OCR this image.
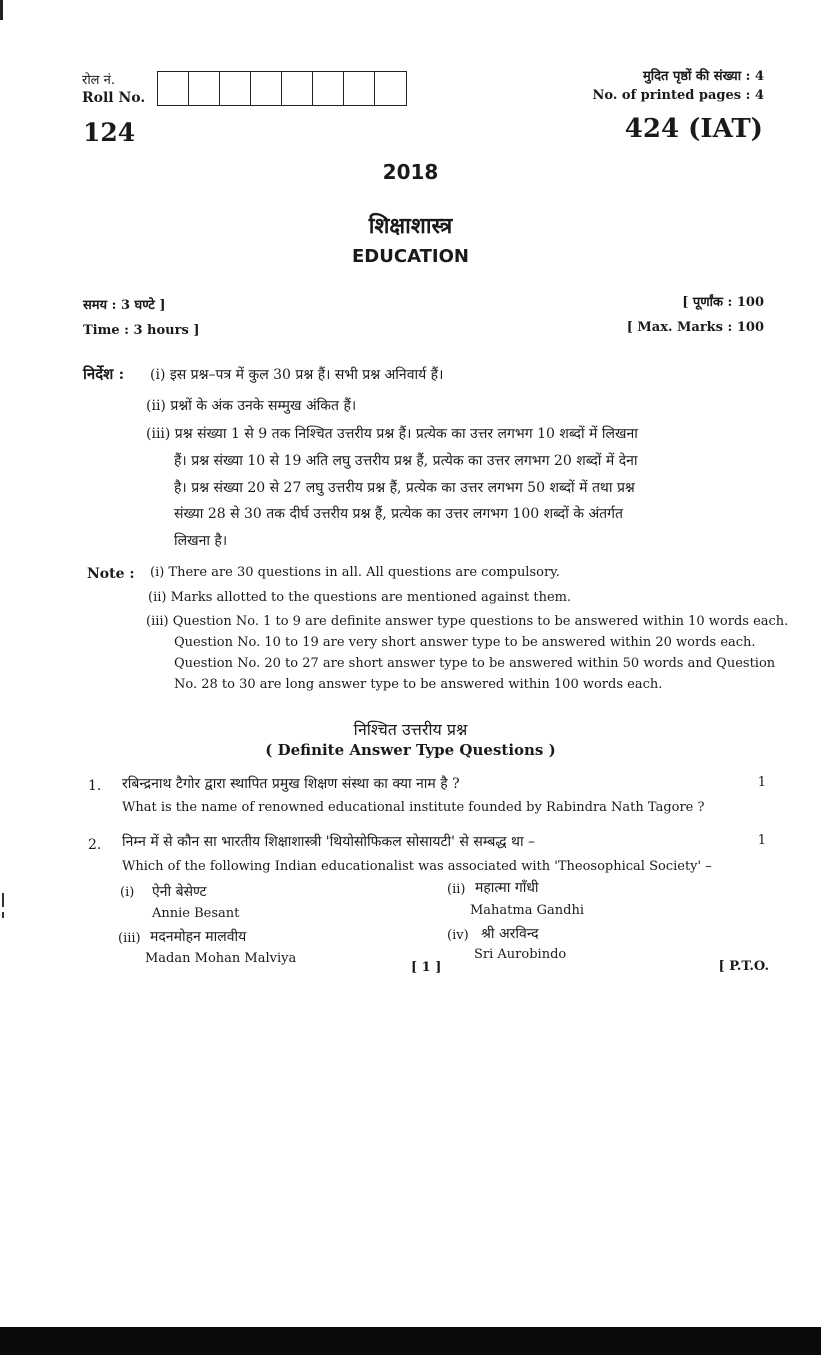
रोल नं.
Roll No.
124
मुदित पृष्ठों की संख्या : 4
No. of printed pages : 4
424 (IAT)
2018
शिक्षाशास्त्र
EDUCATION
समय : 3 घण्टे ]
Time : 3 hours ]
[ पूर्णांक : 100
[ Max. Marks : 100
निर्देश : (i) इस प्रश्न–पत्र में कुल 30 प्रश्न हैं। सभी प्रश्न अनिवार्य हैं।
(ii) प्रश्नों के अंक उनके सम्मुख अंकित हैं।
(iii) प्रश्न संख्या 1 से 9 तक निश्चित उत्तरीय प्रश्न हैं। प्रत्येक का उत्तर लगभग 10 शब्दों में लिखना
हैं। प्रश्न संख्या 10 से 19 अति लघु उत्तरीय प्रश्न हैं, प्रत्येक का उत्तर लगभग 20 शब्दों में देना
है। प्रश्न संख्या 20 से 27 लघु उत्तरीय प्रश्न हैं, प्रत्येक का उत्तर लगभग 50 शब्दों में तथा प्रश्न
संख्या 28 से 30 तक दीर्घ उत्तरीय प्रश्न हैं, प्रत्येक का उत्तर लगभग 100 शब्दों के अंतर्गत
लिखना है।
Note : (i) There are 30 questions in all. All questions are compulsory.
(ii) Marks allotted to the questions are mentioned against them.
(iii) Question No. 1 to 9 are definite answer type questions to be answered within 10 words each.
Question No. 10 to 19 are very short answer type to be answered within 20 words each.
Question No. 20 to 27 are short answer type to be answered within 50 words and Question
No. 28 to 30 are long answer type to be answered within 100 words each.
निश्चित उत्तरीय प्रश्न
( Definite Answer Type Questions )
1. रबिन्द्रनाथ टैगोर द्वारा स्थापित प्रमुख शिक्षण संस्था का क्या नाम है ?
What is the name of renowned educational institute founded by Rabindra Nath Tagore ?
1
2. निम्न में से कौन सा भारतीय शिक्षाशास्त्री 'थियोसोफिकल सोसायटी' से सम्बद्ध था –
Which of the following Indian educationalist was associated with 'Theosophical Society' –
1
(i) ऐनी बेसेण्ट
Annie Besant
(ii) महात्मा गाँधी
Mahatma Gandhi
(iii) मदनमोहन मालवीय
Madan Mohan Malviya
(iv) श्री अरविन्द
Sri Aurobindo
[ 1 ]	[ P.T.O.
